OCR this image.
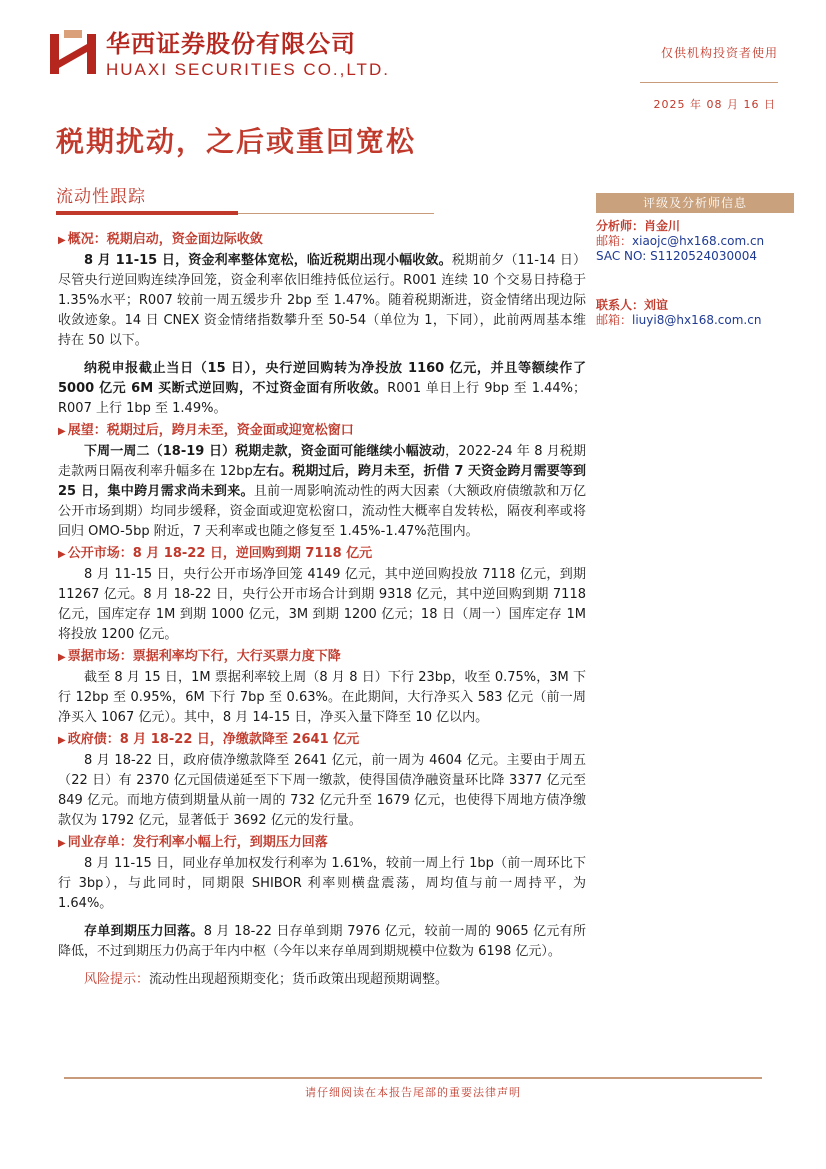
华西证券股份有限公司
HUAXI SECURITIES CO.,LTD.
仅供机构投资者使用
2025 年 08 月 16 日
税期扰动，之后或重回宽松
流动性跟踪	评级及分析师信息
分析师：肖金川
邮箱：xiaojc@hx168.com.cn
SAC NO: S1120524030004
联系人：刘谊
邮箱：liuyi8@hx168.com.cn
▶ 概况：税期启动，资金面边际收敛

8 月 11-15 日，资金利率整体宽松，临近税期出现小幅收敛。税期前夕（11-14 日）尽管央行逆回购连续净回笼，资金利率依旧维持低位运行。R001 连续 10 个交易日持稳于 1.35%水平；R007 较前一周五缓步升 2bp 至 1.47%。随着税期渐进，资金情绪出现边际收敛迹象。14 日 CNEX 资金情绪指数攀升至 50-54（单位为 1，下同），此前两周基本维持在 50 以下。

纳税申报截止当日（15 日），央行逆回购转为净投放 1160 亿元，并且等额续作了 5000 亿元 6M 买断式逆回购，不过资金面有所收敛。R001 单日上行 9bp 至 1.44%；R007 上行 1bp 至 1.49%。

▶ 展望：税期过后，跨月未至，资金面或迎宽松窗口

下周一周二（18-19 日）税期走款，资金面可能继续小幅波动，2022-24 年 8 月税期走款两日隔夜利率升幅多在 12bp左右。税期过后，跨月未至，折借 7 天资金跨月需要等到 25 日，集中跨月需求尚未到来。且前一周影响流动性的两大因素（大额政府债缴款和万亿公开市场到期）均同步缓释，资金面或迎宽松窗口，流动性大概率自发转松，隔夜利率或将回归 OMO-5bp 附近，7 天利率或也随之修复至 1.45%-1.47%范围内。

▶ 公开市场：8 月 18-22 日，逆回购到期 7118 亿元

8 月 11-15 日，央行公开市场净回笼 4149 亿元，其中逆回购投放 7118 亿元，到期 11267 亿元。8 月 18-22 日，央行公开市场合计到期 9318 亿元，其中逆回购到期 7118 亿元，国库定存 1M 到期 1000 亿元，3M 到期 1200 亿元；18 日（周一）国库定存 1M 将投放 1200 亿元。

▶ 票据市场：票据利率均下行，大行买票力度下降

截至 8 月 15 日，1M 票据利率较上周（8 月 8 日）下行 23bp，收至 0.75%，3M 下行 12bp 至 0.95%，6M 下行 7bp 至 0.63%。在此期间，大行净买入 583 亿元（前一周净买入 1067 亿元）。其中，8 月 14-15 日，净买入量下降至 10 亿以内。

▶ 政府债：8 月 18-22 日，净缴款降至 2641 亿元

8 月 18-22 日，政府债净缴款降至 2641 亿元，前一周为 4604 亿元。主要由于周五（22 日）有 2370 亿元国债递延至下下周一缴款，使得国债净融资量环比降 3377 亿元至 849 亿元。而地方债到期量从前一周的 732 亿元升至 1679 亿元，也使得下周地方债净缴款仅为 1792 亿元，显著低于 3692 亿元的发行量。

▶ 同业存单：发行利率小幅上行，到期压力回落

8 月 11-15 日，同业存单加权发行利率为 1.61%，较前一周上行 1bp（前一周环比下行 3bp），与此同时，同期限 SHIBOR 利率则横盘震荡，周均值与前一周持平，为 1.64%。

存单到期压力回落。8 月 18-22 日存单到期 7976 亿元，较前一周的 9065 亿元有所降低，不过到期压力仍高于年内中枢（今年以来存单周到期规模中位数为 6198 亿元）。

风险提示：流动性出现超预期变化；货币政策出现超预期调整。

请仔细阅读在本报告尾部的重要法律声明
